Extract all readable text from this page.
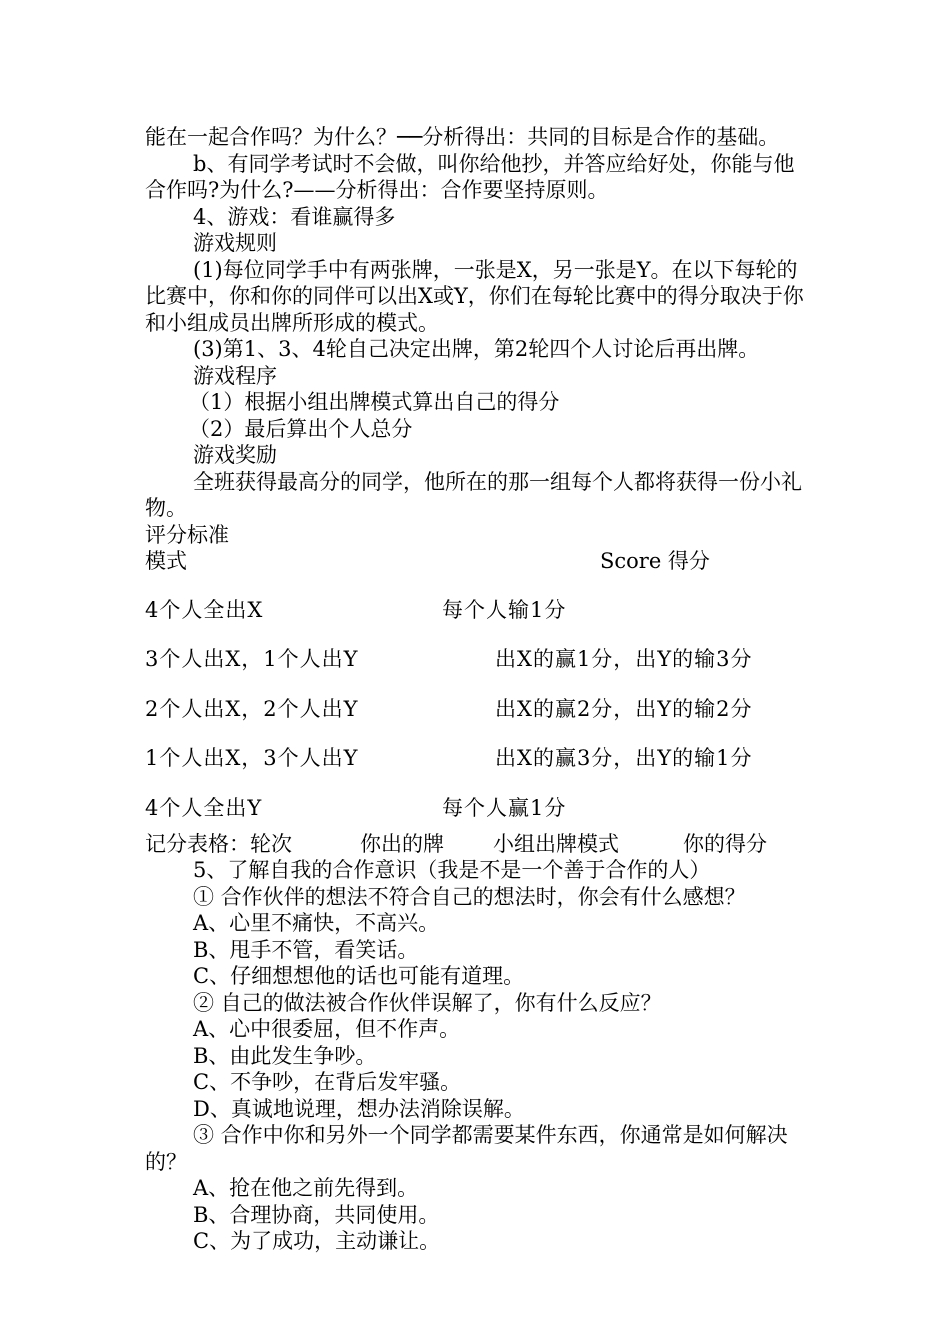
能在一起合作吗？为什么？──分析得出：共同的目标是合作的基础。

b、有同学考试时不会做，叫你给他抄，并答应给好处，你能与他合作吗?为什么?——分析得出：合作要坚持原则。

4、游戏：看谁赢得多

游戏规则

(1)每位同学手中有两张牌，一张是X，另一张是Y。在以下每轮的比赛中，你和你的同伴可以出X或Y，你们在每轮比赛中的得分取决于你和小组成员出牌所形成的模式。

(3)第1、3、4轮自己决定出牌，第2轮四个人讨论后再出牌。

游戏程序

（1）根据小组出牌模式算出自己的得分

（2）最后算出个人总分

游戏奖励

全班获得最高分的同学，他所在的那一组每个人都将获得一份小礼物。

评分标准

模式	Score 得分
4个人全出X	每个人输1分
3个人出X，1个人出Y	出X的赢1分，出Y的输3分
2个人出X，2个人出Y	出X的赢2分，出Y的输2分
1个人出X，3个人出Y	出X的赢3分，出Y的输1分
4个人全出Y	每个人赢1分
记分表格：轮次	你出的牌 小组出牌模式	你的得分

5、了解自我的合作意识（我是不是一个善于合作的人）

① 合作伙伴的想法不符合自己的想法时，你会有什么感想？

A、心里不痛快，不高兴。

B、甩手不管，看笑话。

C、仔细想想他的话也可能有道理。

② 自己的做法被合作伙伴误解了，你有什么反应？

A、心中很委屈，但不作声。

B、由此发生争吵。

C、不争吵，在背后发牢骚。

D、真诚地说理，想办法消除误解。

③ 合作中你和另外一个同学都需要某件东西，你通常是如何解决的？

A、抢在他之前先得到。

B、合理协商，共同使用。

C、为了成功，主动谦让。
